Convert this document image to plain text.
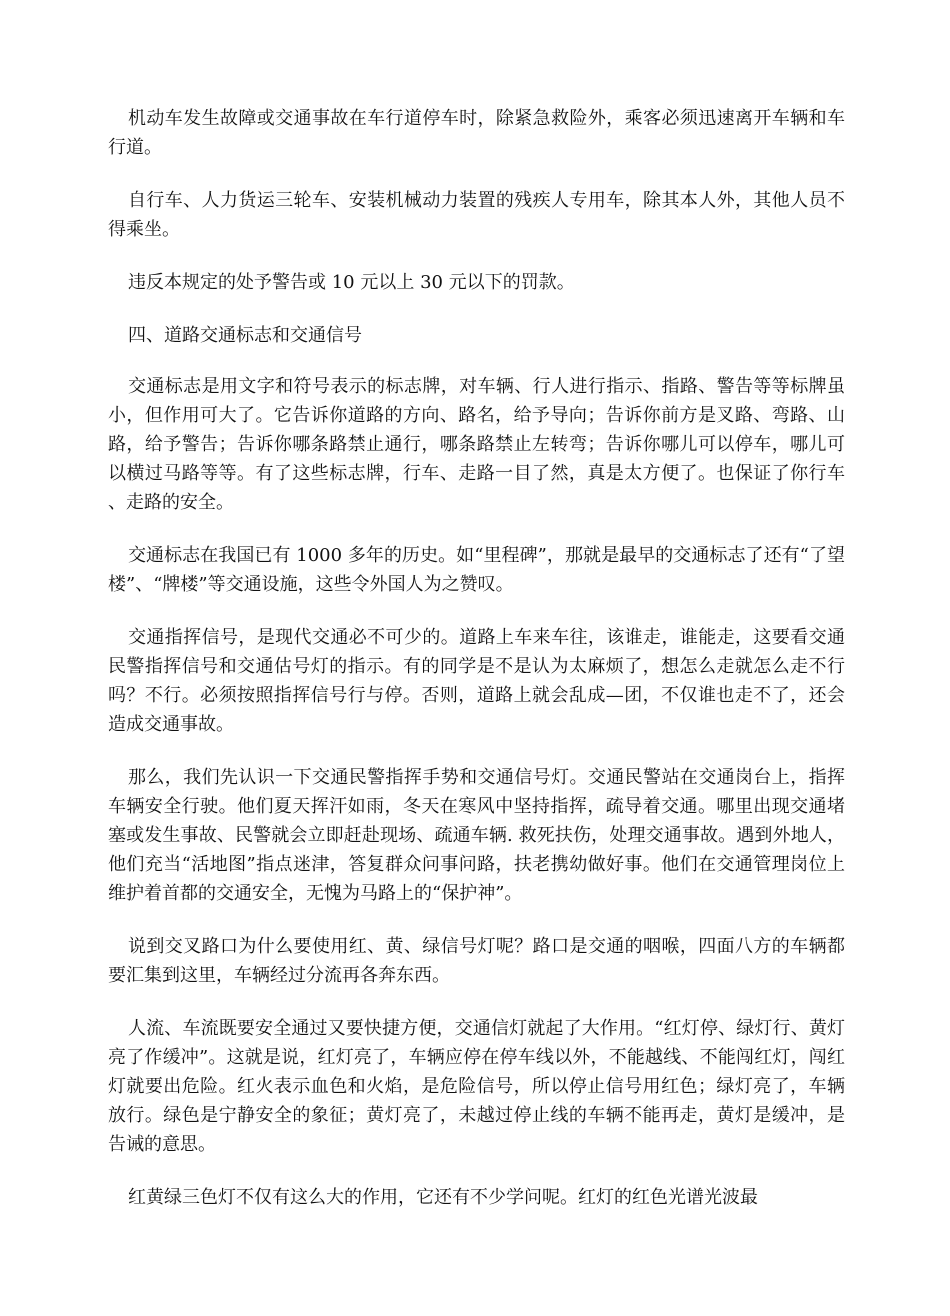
机动车发生故障或交通事故在车行道停车时，除紧急救险外，乘客必须迅速离开车辆和车行道。

自行车、人力货运三轮车、安装机械动力装置的残疾人专用车，除其本人外，其他人员不得乘坐。

违反本规定的处予警告或 10 元以上 30 元以下的罚款。

四、道路交通标志和交通信号

交通标志是用文字和符号表示的标志牌，对车辆、行人进行指示、指路、警告等等标牌虽小，但作用可大了。它告诉你道路的方向、路名，给予导向；告诉你前方是叉路、弯路、山路，给予警告；告诉你哪条路禁止通行，哪条路禁止左转弯；告诉你哪儿可以停车，哪儿可以横过马路等等。有了这些标志牌，行车、走路一目了然，真是太方便了。也保证了你行车、走路的安全。

交通标志在我国已有 1000 多年的历史。如“里程碑”，那就是最早的交通标志了还有“了望楼”、“牌楼”等交通设施，这些令外国人为之赞叹。

交通指挥信号，是现代交通必不可少的。道路上车来车往，该谁走，谁能走，这要看交通民警指挥信号和交通估号灯的指示。有的同学是不是认为太麻烦了，想怎么走就怎么走不行吗？不行。必须按照指挥信号行与停。否则，道路上就会乱成—团，不仅谁也走不了，还会造成交通事故。

那么，我们先认识一下交通民警指挥手势和交通信号灯。交通民警站在交通岗台上，指挥车辆安全行驶。他们夏天挥汗如雨，冬天在寒风中坚持指挥，疏导着交通。哪里出现交通堵塞或发生事故、民警就会立即赶赴现场、疏通车辆. 救死扶伤，处理交通事故。遇到外地人，他们充当“活地图”指点迷津，答复群众问事问路，扶老携幼做好事。他们在交通管理岗位上维护着首都的交通安全，无愧为马路上的“保护神”。

说到交叉路口为什么要使用红、黄、绿信号灯呢？路口是交通的咽喉，四面八方的车辆都要汇集到这里，车辆经过分流再各奔东西。

人流、车流既要安全通过又要快捷方便，交通信灯就起了大作用。“红灯停、绿灯行、黄灯亮了作缓冲”。这就是说，红灯亮了，车辆应停在停车线以外，不能越线、不能闯红灯，闯红灯就要出危险。红火表示血色和火焰，是危险信号，所以停止信号用红色；绿灯亮了，车辆放行。绿色是宁静安全的象征；黄灯亮了，未越过停止线的车辆不能再走，黄灯是缓冲，是告诫的意思。

红黄绿三色灯不仅有这么大的作用，它还有不少学问呢。红灯的红色光谱光波最
